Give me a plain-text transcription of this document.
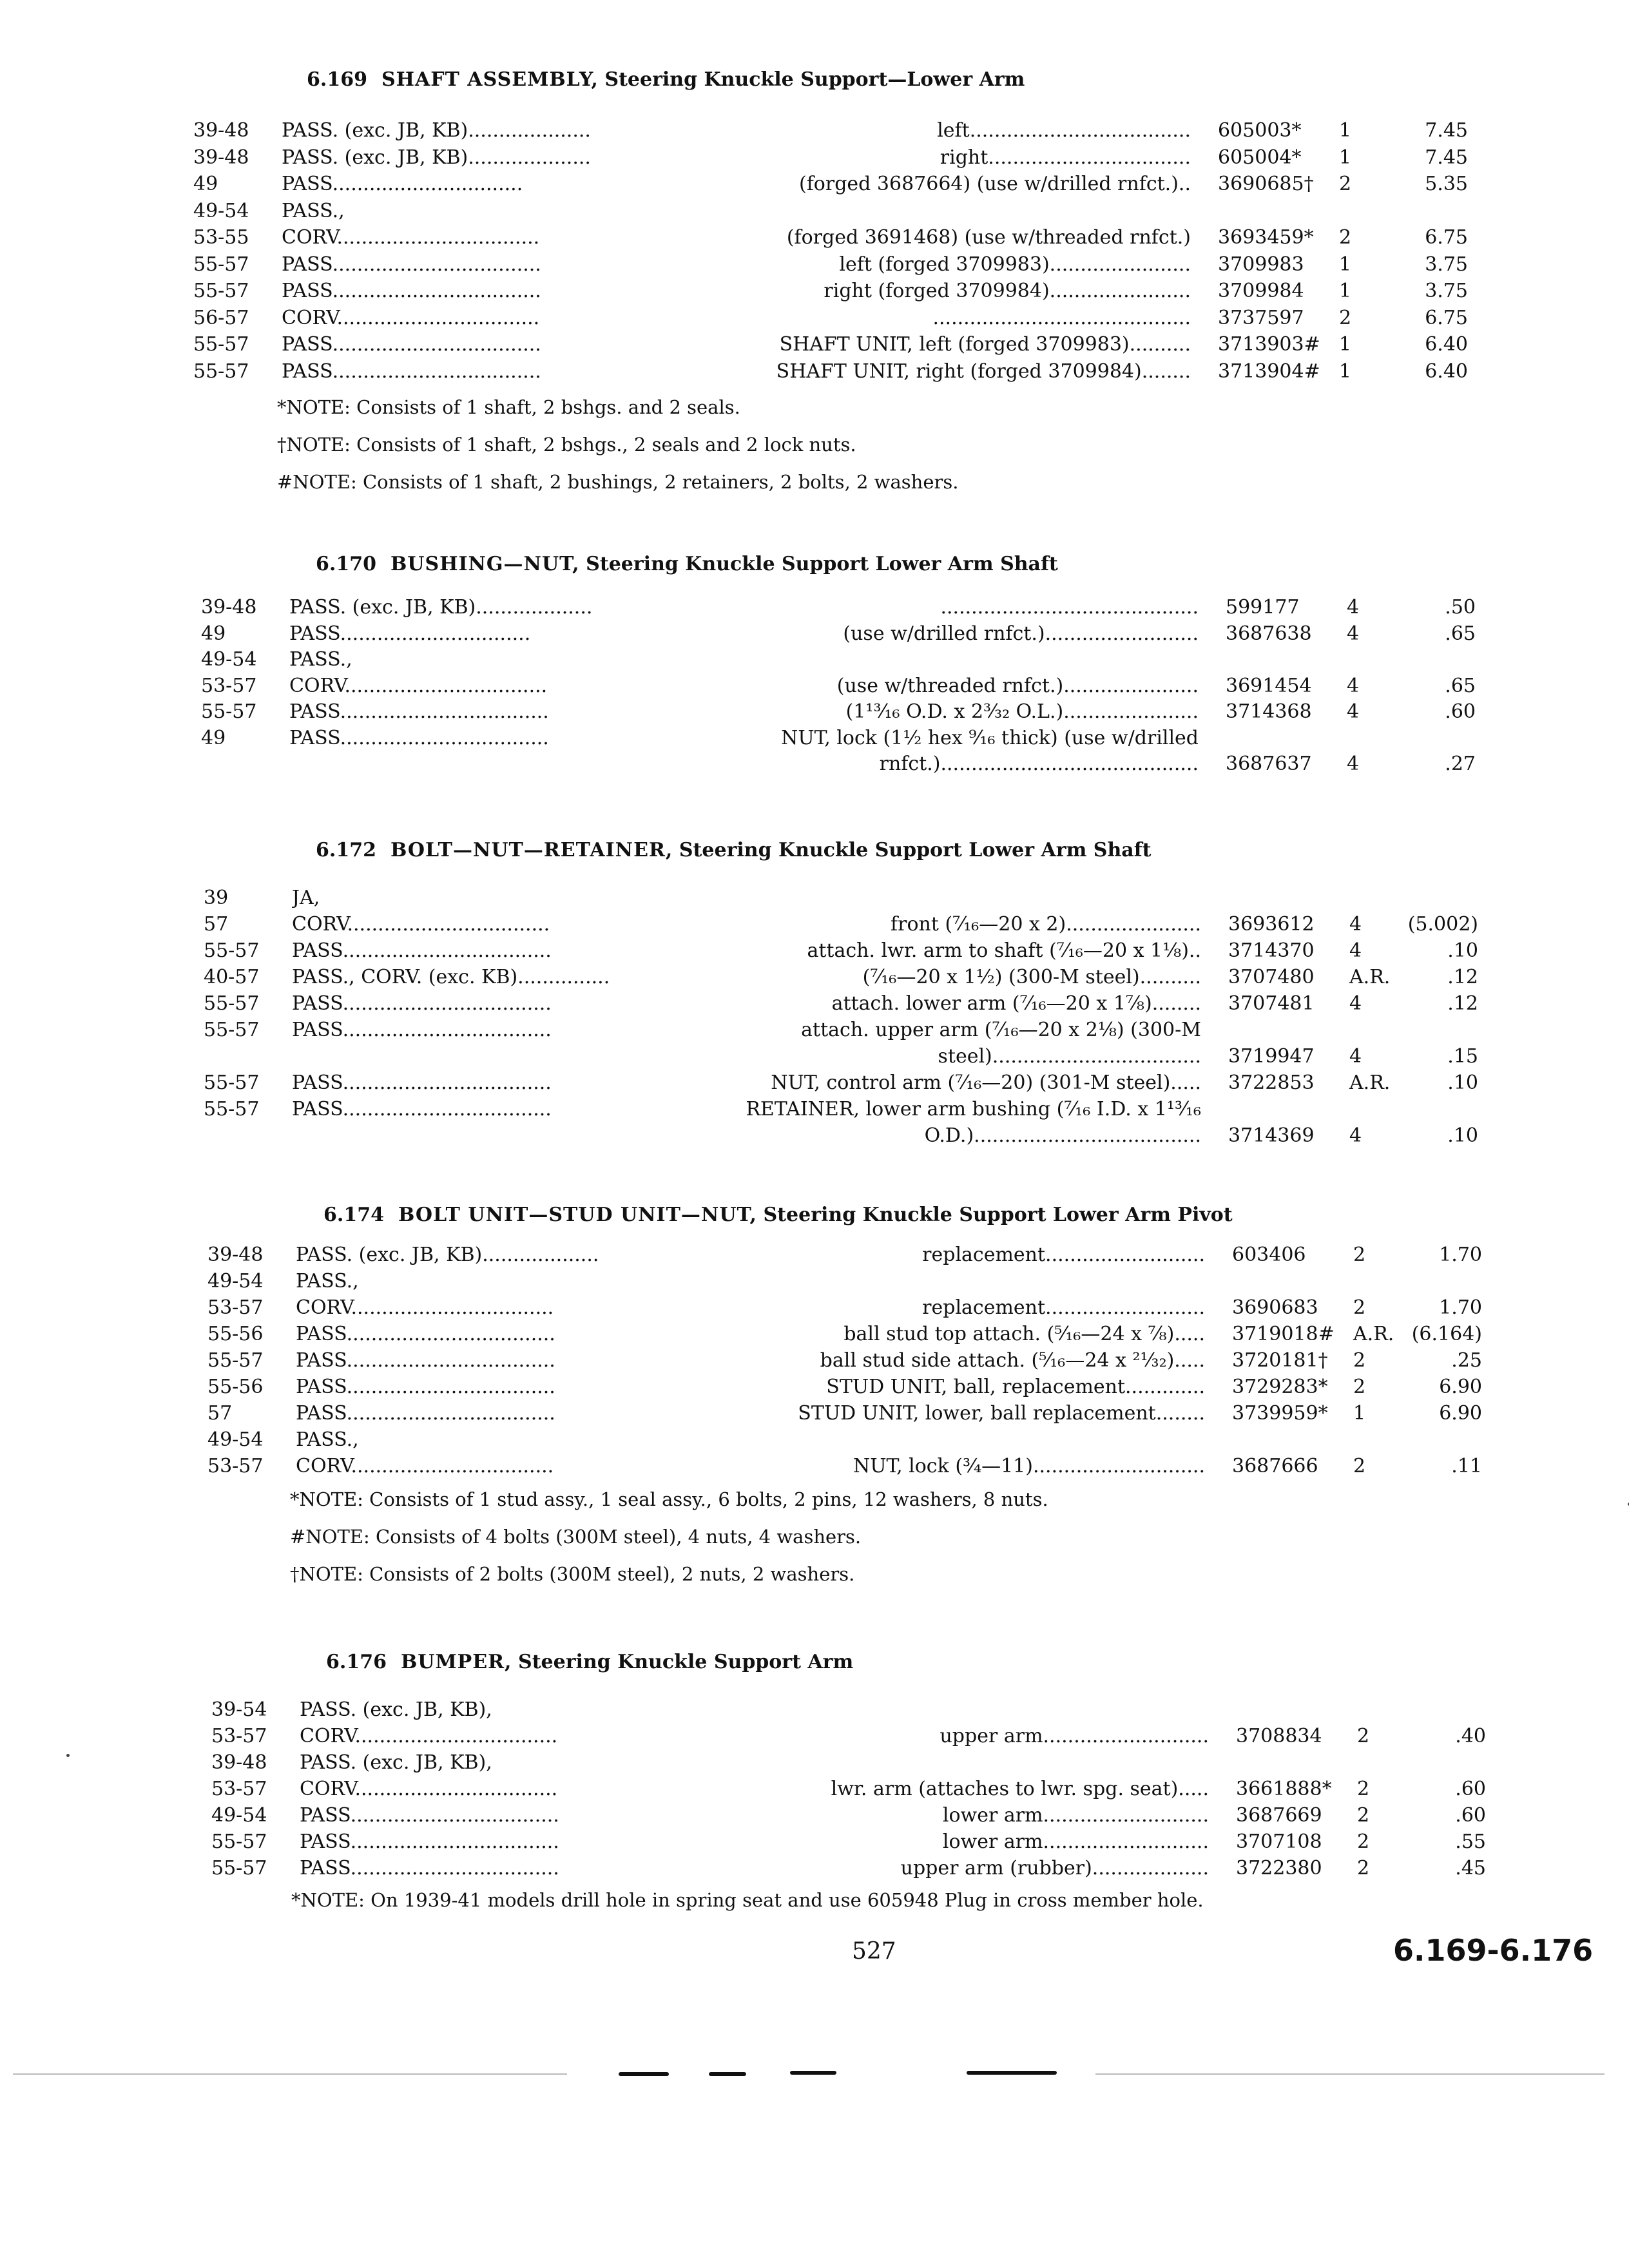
6.169 SHAFT ASSEMBLY, Steering Knuckle Support—Lower Arm
39-48 PASS. (exc. JB, KB)....................	left.................................... 605003* 1	7.45
39-48 PASS. (exc. JB, KB)....................	right................................. 605004* 1	7.45
49	PASS...............................	(forged 3687664) (use w/drilled rnfct.).. 3690685† 2	5.35
49-54 PASS.,
53-55 CORV.................................	(forged 3691468) (use w/threaded rnfct.) 3693459* 2	6.75
55-57 PASS..................................	left (forged 3709983)....................... 3709983 1	3.75
55-57 PASS..................................	right (forged 3709984)....................... 3709984 1	3.75
56-57 CORV.................................	.......................................... 3737597 2	6.75
55-57 PASS..................................	SHAFT UNIT, left (forged 3709983).......... 3713903# 1	6.40
55-57 PASS..................................	SHAFT UNIT, right (forged 3709984)........ 3713904# 1	6.40
*NOTE: Consists of 1 shaft, 2 bshgs. and 2 seals.
†NOTE: Consists of 1 shaft, 2 bshgs., 2 seals and 2 lock nuts.
#NOTE: Consists of 1 shaft, 2 bushings, 2 retainers, 2 bolts, 2 washers.
6.170 BUSHING—NUT, Steering Knuckle Support Lower Arm Shaft
39-48 PASS. (exc. JB, KB)...................	.......................................... 599177 4	.50
49	PASS...............................	(use w/drilled rnfct.)......................... 3687638 4	.65
49-54 PASS.,
53-57 CORV.................................	(use w/threaded rnfct.)...................... 3691454 4	.65
55-57 PASS..................................	(1¹³⁄₁₆ O.D. x 2³⁄₃₂ O.L.)...................... 3714368 4	.60
49	PASS..................................	NUT, lock (1½ hex ⁹⁄₁₆ thick) (use w/drilled
rnfct.).......................................... 3687637 4	.27
6.172 BOLT—NUT—RETAINER, Steering Knuckle Support Lower Arm Shaft
39	JA,
57	CORV.................................	front (⁷⁄₁₆—20 x 2)...................... 3693612 4 (5.002)
55-57 PASS..................................	attach. lwr. arm to shaft (⁷⁄₁₆—20 x 1⅛).. 3714370 4	.10
40-57 PASS., CORV. (exc. KB)...............	(⁷⁄₁₆—20 x 1½) (300-M steel).......... 3707480 A.R.	.12
55-57 PASS..................................	attach. lower arm (⁷⁄₁₆—20 x 1⅞)........ 3707481 4	.12
55-57 PASS..................................	attach. upper arm (⁷⁄₁₆—20 x 2⅛) (300-M
steel).................................. 3719947 4	.15
55-57 PASS..................................	NUT, control arm (⁷⁄₁₆—20) (301-M steel)..... 3722853 A.R.	.10
55-57 PASS..................................	RETAINER, lower arm bushing (⁷⁄₁₆ I.D. x 1¹³⁄₁₆
O.D.)..................................... 3714369 4	.10
6.174 BOLT UNIT—STUD UNIT—NUT, Steering Knuckle Support Lower Arm Pivot
39-48 PASS. (exc. JB, KB)...................	replacement.......................... 603406 2	1.70
49-54 PASS.,
53-57 CORV.................................	replacement.......................... 3690683 2	1.70
55-56 PASS..................................	ball stud top attach. (⁵⁄₁₆—24 x ⅞)..... 3719018# A.R. (6.164)
55-57 PASS..................................	ball stud side attach. (⁵⁄₁₆—24 x ²¹⁄₃₂)..... 3720181† 2	.25
55-56 PASS..................................	STUD UNIT, ball, replacement............. 3729283* 2	6.90
57	PASS..................................	STUD UNIT, lower, ball replacement........ 3739959* 1	6.90
49-54 PASS.,
53-57 CORV.................................	NUT, lock (¾—11)............................ 3687666 2	.11
*NOTE: Consists of 1 stud assy., 1 seal assy., 6 bolts, 2 pins, 12 washers, 8 nuts.
#NOTE: Consists of 4 bolts (300M steel), 4 nuts, 4 washers.
†NOTE: Consists of 2 bolts (300M steel), 2 nuts, 2 washers.
6.176 BUMPER, Steering Knuckle Support Arm
39-54 PASS. (exc. JB, KB),
53-57 CORV.................................	upper arm........................... 3708834 2	.40
39-48 PASS. (exc. JB, KB),
53-57 CORV.................................	lwr. arm (attaches to lwr. spg. seat)..... 3661888* 2	.60
49-54 PASS..................................	lower arm........................... 3687669 2	.60
55-57 PASS..................................	lower arm........................... 3707108 2	.55
55-57 PASS..................................	upper arm (rubber)................... 3722380 2	.45
*NOTE: On 1939-41 models drill hole in spring seat and use 605948 Plug in cross member hole.
527	6.169-6.176
